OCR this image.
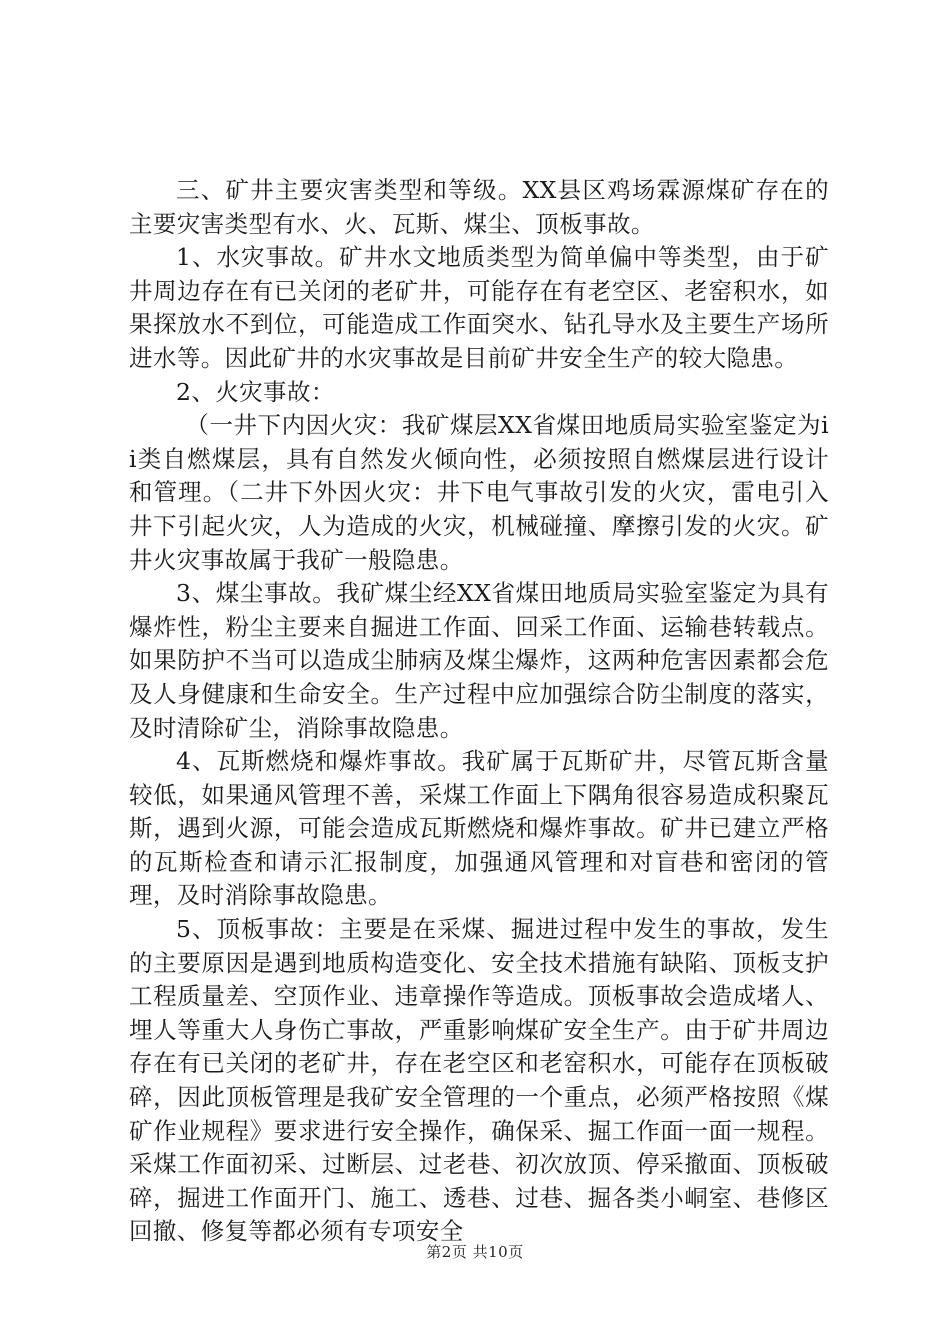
三、矿井主要灾害类型和等级。XX县区鸡场霖源煤矿存在的主要灾害类型有水、火、瓦斯、煤尘、顶板事故。

1、水灾事故。矿井水文地质类型为简单偏中等类型，由于矿井周边存在有已关闭的老矿井，可能存在有老空区、老窑积水，如果探放水不到位，可能造成工作面突水、钻孔导水及主要生产场所进水等。因此矿井的水灾事故是目前矿井安全生产的较大隐患。

2、火灾事故：

（一井下内因火灾：我矿煤层XX省煤田地质局实验室鉴定为ii类自燃煤层，具有自然发火倾向性，必须按照自燃煤层进行设计和管理。（二井下外因火灾：井下电气事故引发的火灾，雷电引入井下引起火灾，人为造成的火灾，机械碰撞、摩擦引发的火灾。矿井火灾事故属于我矿一般隐患。

3、煤尘事故。我矿煤尘经XX省煤田地质局实验室鉴定为具有爆炸性，粉尘主要来自掘进工作面、回采工作面、运输巷转载点。如果防护不当可以造成尘肺病及煤尘爆炸，这两种危害因素都会危及人身健康和生命安全。生产过程中应加强综合防尘制度的落实，及时清除矿尘，消除事故隐患。

4、瓦斯燃烧和爆炸事故。我矿属于瓦斯矿井，尽管瓦斯含量较低，如果通风管理不善，采煤工作面上下隅角很容易造成积聚瓦斯，遇到火源，可能会造成瓦斯燃烧和爆炸事故。矿井已建立严格的瓦斯检查和请示汇报制度，加强通风管理和对盲巷和密闭的管理，及时消除事故隐患。

5、顶板事故：主要是在采煤、掘进过程中发生的事故，发生的主要原因是遇到地质构造变化、安全技术措施有缺陷、顶板支护工程质量差、空顶作业、违章操作等造成。顶板事故会造成堵人、埋人等重大人身伤亡事故，严重影响煤矿安全生产。由于矿井周边存在有已关闭的老矿井，存在老空区和老窑积水，可能存在顶板破碎，因此顶板管理是我矿安全管理的一个重点，必须严格按照《煤矿作业规程》要求进行安全操作，确保采、掘工作面一面一规程。采煤工作面初采、过断层、过老巷、初次放顶、停采撤面、顶板破碎，掘进工作面开门、施工、透巷、过巷、掘各类小峒室、巷修区回撤、修复等都必须有专项安全

第2页 共10页
